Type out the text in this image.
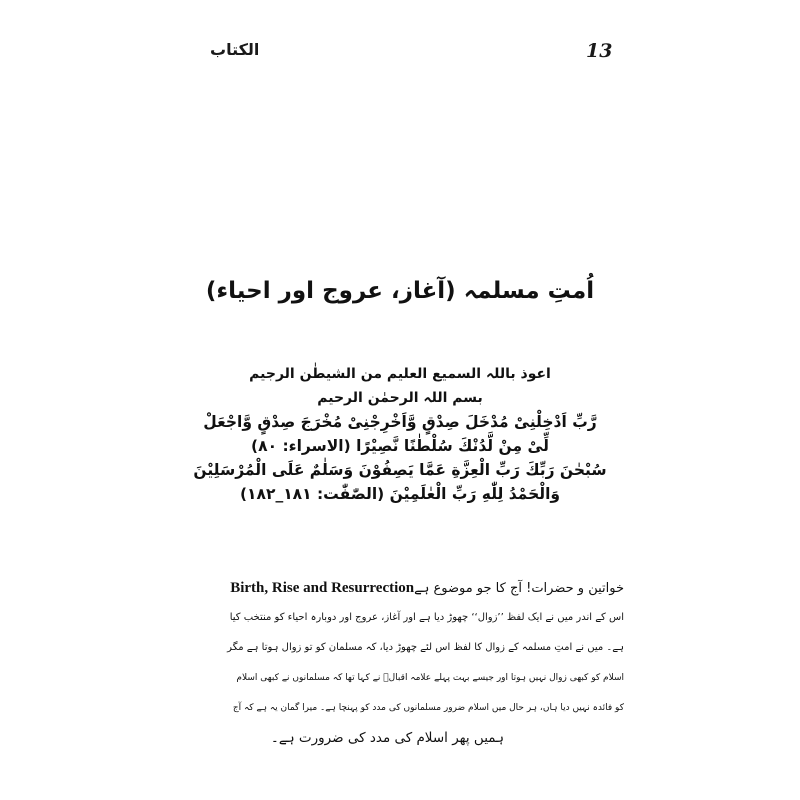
الکتاب	13
اُمتِ مسلمہ (آغاز، عروج اور احیاء)
اعوذ باللہ السمیع العلیم من الشیطٰن الرجیم
بسم اللہ الرحمٰن الرحیم
رَّبِّ اَدْخِلْنِیْ مُدْخَلَ صِدْقٍ وَّاَخْرِجْنِیْ مُخْرَجَ صِدْقٍ وَّاجْعَلْ
لِّیْ مِنْ لَّدُنْكَ سُلْطٰنًا نَّصِیْرًا (الاسراء: ۸۰)
سُبْحٰنَ رَبِّكَ رَبِّ الْعِزَّةِ عَمَّا یَصِفُوْنَ وَسَلٰمٌ عَلَى الْمُرْسَلِیْنَ
وَالْحَمْدُ لِلّٰهِ رَبِّ الْعٰلَمِیْنَ (الصّٰفّٰت: ۱۸۱_۱۸۲)
خواتین و حضرات! آج کا جو موضوع ہےBirth, Rise and Resurrection
اس کے اندر میں نے ایک لفظ ’’زوال‘‘ چھوڑ دیا ہے اور آغاز، عروج اور دوبارہ احیاء کو منتخب کیا
ہے۔ میں نے امتِ مسلمہ کے زوال کا لفظ اس لئے چھوڑ دیا، کہ مسلمان کو تو زوال ہوتا ہے مگر
اسلام کو کبھی زوال نہیں ہوتا اور جیسے بہت پہلے علامہ اقبالؒ نے کہا تھا کہ مسلمانوں نے کبھی اسلام
کو فائدہ نہیں دیا ہاں، ہر حال میں اسلام ضرور مسلمانوں کی مدد کو پہنچا ہے۔ میرا گمان یہ ہے کہ آج
ہمیں پھر اسلام کی مدد کی ضرورت ہے۔
